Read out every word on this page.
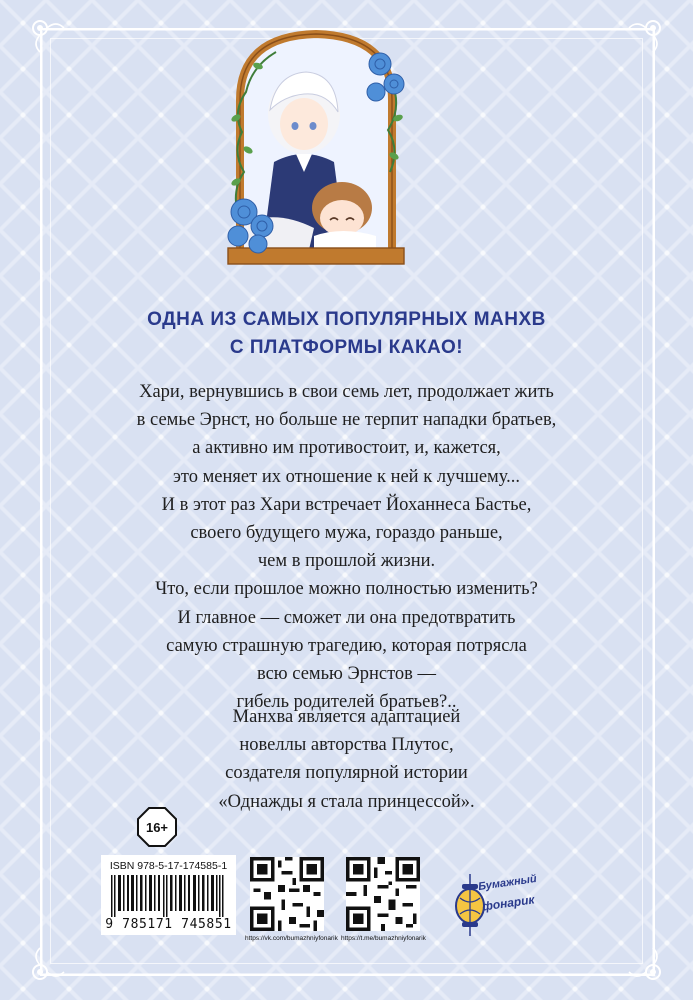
ОДНА ИЗ САМЫХ ПОПУЛЯРНЫХ МАНХВ
С ПЛАТФОРМЫ КАКАО!
Хари, вернувшись в свои семь лет, продолжает жить
в семье Эрнст, но больше не терпит нападки братьев,
а активно им противостоит, и, кажется,
это меняет их отношение к ней к лучшему...
И в этот раз Хари встречает Йоханнеса Бастье,
своего будущего мужа, гораздо раньше,
чем в прошлой жизни.
Что, если прошлое можно полностью изменить?
И главное — сможет ли она предотвратить
самую страшную трагедию, которая потрясла
всю семью Эрнстов —
гибель родителей братьев?..
Манхва является адаптацией
новеллы авторства Плутос,
создателя популярной истории
«Однажды я стала принцессой».
16+
ISBN 978-5-17-174585-1
9 785171 745851
https://vk.com/bumazhniyfonarik https://t.me/bumazhniyfonarik
Бумажный
фонарик
